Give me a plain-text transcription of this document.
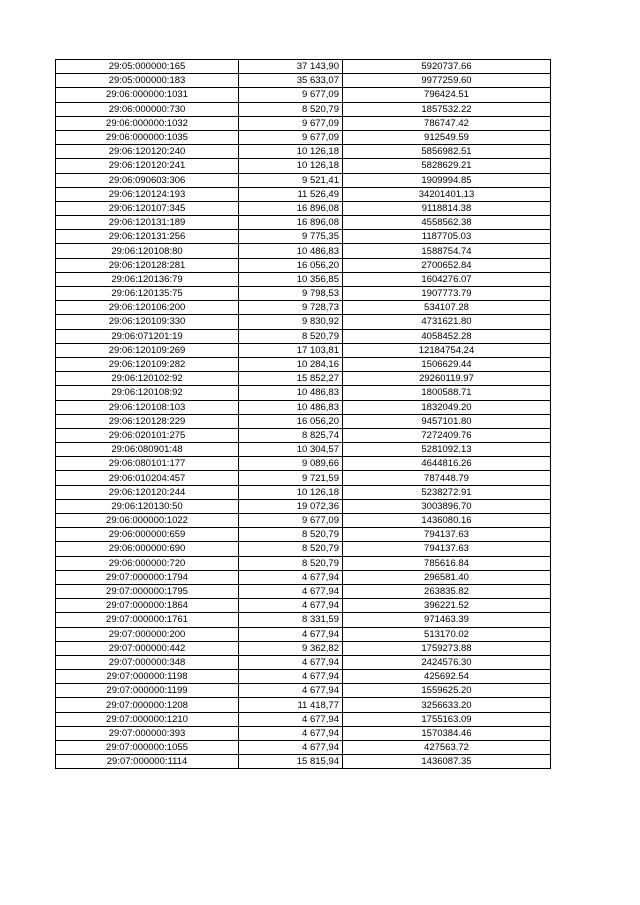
29:05:000000:165	37 143,90	5920737.66
29:05:000000:183	35 633,07	9977259.60
29:06:000000:1031	9 677,09	796424.51
29:06:000000:730	8 520,79	1857532.22
29:06:000000:1032	9 677,09	786747.42
29:06:000000:1035	9 677,09	912549.59
29:06:120120:240	10 126,18	5856982.51
29:06:120120:241	10 126,18	5828629.21
29:06:090603:306	9 521,41	1909994.85
29:06:120124:193	11 526,49	34201401.13
29:06:120107:345	16 896,08	9118814.38
29:06:120131:189	16 896,08	4558562.38
29:06:120131:256	9 775,35	1187705.03
29:06:120108:80	10 486,83	1588754.74
29:06:120128:281	16 056,20	2700652.84
29:06:120136:79	10 356,85	1604276.07
29:06:120135:75	9 798,53	1907773.79
29:06:120106:200	9 728,73	534107.28
29:06:120109:330	9 830,92	4731621.80
29:06:071201:19	8 520,79	4058452.28
29:06:120109:269	17 103,81	12184754.24
29:06:120109:282	10 284,16	1506629.44
29:06:120102:92	15 852,27	29260119.97
29:06:120108:92	10 486,83	1800588.71
29:06:120108:103	10 486,83	1832049.20
29:06:120128:229	16 056,20	9457101.80
29:06:020101:275	8 825,74	7272409.76
29:06:080901:48	10 304,57	5281092.13
29:06:080101:177	9 089,66	4644816.26
29:06:010204:457	9 721,59	787448.79
29:06:120120:244	10 126,18	5238272.91
29:06:120130:50	19 072,36	3003896.70
29:06:000000:1022	9 677,09	1436080.16
29:06:000000:659	8 520,79	794137.63
29:06:000000:690	8 520,79	794137.63
29:06:000000:720	8 520,79	785616.84
29:07:000000:1794	4 677,94	296581.40
29:07:000000:1795	4 677,94	263835.82
29:07:000000:1864	4 677,94	396221.52
29:07:000000:1761	8 331,59	971463.39
29:07:000000:200	4 677,94	513170.02
29:07:000000:442	9 362,82	1759273.88
29:07:000000:348	4 677,94	2424576.30
29:07:000000:1198	4 677,94	425692.54
29:07:000000:1199	4 677,94	1559625.20
29:07:000000:1208	11 418,77	3256633.20
29:07:000000:1210	4 677,94	1755163.09
29:07:000000:393	4 677,94	1570384.46
29:07:000000:1055	4 677,94	427563.72
29:07:000000:1114	15 815,94	1436087.35
